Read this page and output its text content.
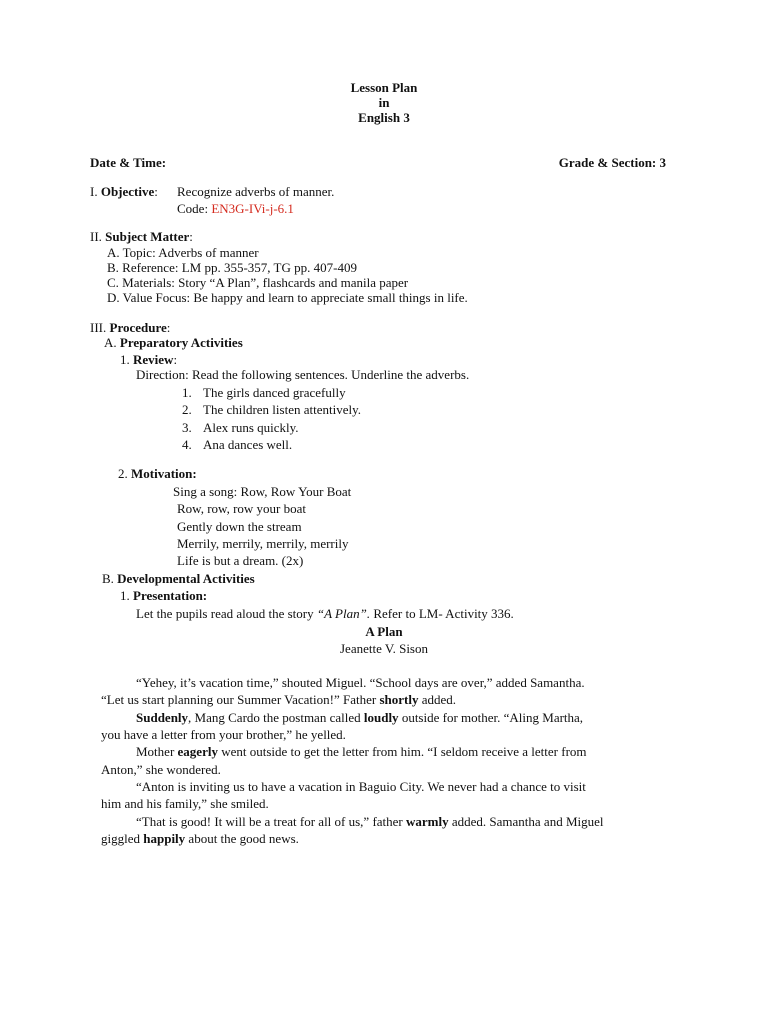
Lesson Plan
in
English 3
Date & Time:	Grade & Section: 3
I. Objective: Recognize adverbs of manner.
Code: EN3G-IVi-j-6.1
II. Subject Matter:
A. Topic: Adverbs of manner
B. Reference: LM pp. 355-357, TG pp. 407-409
C. Materials: Story “A Plan”, flashcards and manila paper
D. Value Focus: Be happy and learn to appreciate small things in life.
III. Procedure:
A. Preparatory Activities
1. Review:
Direction: Read the following sentences. Underline the adverbs.
1. The girls danced gracefully
2. The children listen attentively.
3. Alex runs quickly.
4. Ana dances well.
2. Motivation:
Sing a song: Row, Row Your Boat
Row, row, row your boat
Gently down the stream
Merrily, merrily, merrily, merrily
Life is but a dream. (2x)
B. Developmental Activities
1. Presentation:
Let the pupils read aloud the story “A Plan”. Refer to LM- Activity 336.
A Plan
Jeanette V. Sison
“Yehey, it’s vacation time,” shouted Miguel. “School days are over,” added Samantha.
“Let us start planning our Summer Vacation!” Father shortly added.
Suddenly, Mang Cardo the postman called loudly outside for mother. “Aling Martha,
you have a letter from your brother,” he yelled.
Mother eagerly went outside to get the letter from him. “I seldom receive a letter from
Anton,” she wondered.
“Anton is inviting us to have a vacation in Baguio City. We never had a chance to visit
him and his family,” she smiled.
“That is good! It will be a treat for all of us,” father warmly added. Samantha and Miguel
giggled happily about the good news.
